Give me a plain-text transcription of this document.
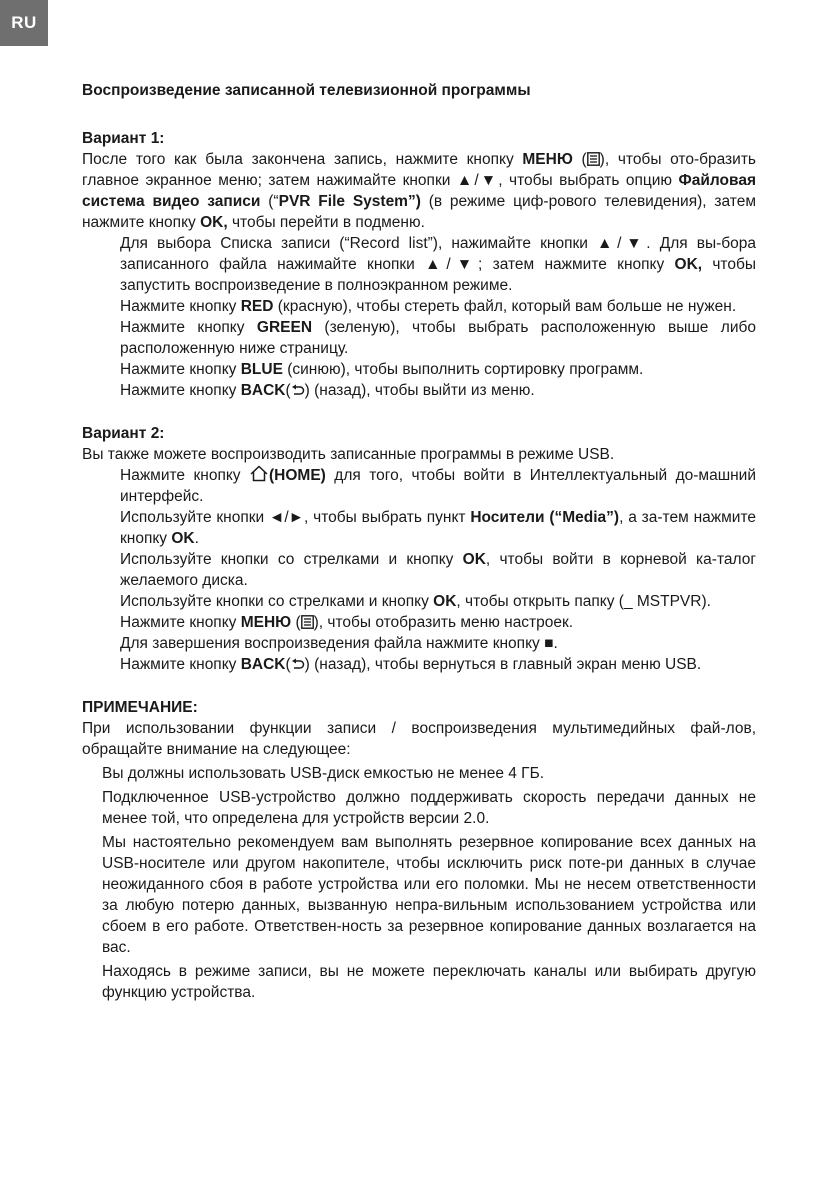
RU

Воспроизведение записанной телевизионной программы

Вариант 1:

После того как была закончена запись, нажмите кнопку МЕНЮ ( ), чтобы ото-бразить главное экранное меню; затем нажимайте кнопки ▲/▼, чтобы выбрать опцию Файловая система видео записи (“PVR File System”) (в режиме циф-рового телевидения), затем нажмите кнопку OK, чтобы перейти в подменю.

Для выбора Списка записи (“Record list”), нажимайте кнопки ▲/▼. Для вы-бора записанного файла нажимайте кнопки ▲/▼; затем нажмите кнопку OK, чтобы запустить воспроизведение в полноэкранном режиме.

Нажмите кнопку RED (красную), чтобы стереть файл, который вам больше не нужен.

Нажмите кнопку GREEN (зеленую), чтобы выбрать расположенную выше либо расположенную ниже страницу.

Нажмите кнопку BLUE (синюю), чтобы выполнить сортировку программ.

Нажмите кнопку BACK( ) (назад), чтобы выйти из меню.

Вариант 2:

Вы также можете воспроизводить записанные программы в режиме USB.

Нажмите кнопку (HOME) для того, чтобы войти в Интеллектуальный до-машний интерфейс.

Используйте кнопки ◄/►, чтобы выбрать пункт Носители (“Media”), а за-тем нажмите кнопку OK.

Используйте кнопки со стрелками и кнопку OK, чтобы войти в корневой ка-талог желаемого диска.

Используйте кнопки со стрелками и кнопку OK, чтобы открыть папку (_ MSTPVR).

Нажмите кнопку МЕНЮ ( ), чтобы отобразить меню настроек.

Для завершения воспроизведения файла нажмите кнопку ■.

Нажмите кнопку BACK( ) (назад), чтобы вернуться в главный экран меню USB.

ПРИМЕЧАНИЕ:

При использовании функции записи / воспроизведения мультимедийных фай-лов, обращайте внимание на следующее:

Вы должны использовать USB-диск емкостью не менее 4 ГБ.

Подключенное USB-устройство должно поддерживать скорость передачи данных не менее той, что определена для устройств версии 2.0.

Мы настоятельно рекомендуем вам выполнять резервное копирование всех данных на USB-носителе или другом накопителе, чтобы исключить риск поте-ри данных в случае неожиданного сбоя в работе устройства или его поломки. Мы не несем ответственности за любую потерю данных, вызванную непра-вильным использованием устройства или сбоем в его работе. Ответствен-ность за резервное копирование данных возлагается на вас.

Находясь в режиме записи, вы не можете переключать каналы или выбирать другую функцию устройства.
